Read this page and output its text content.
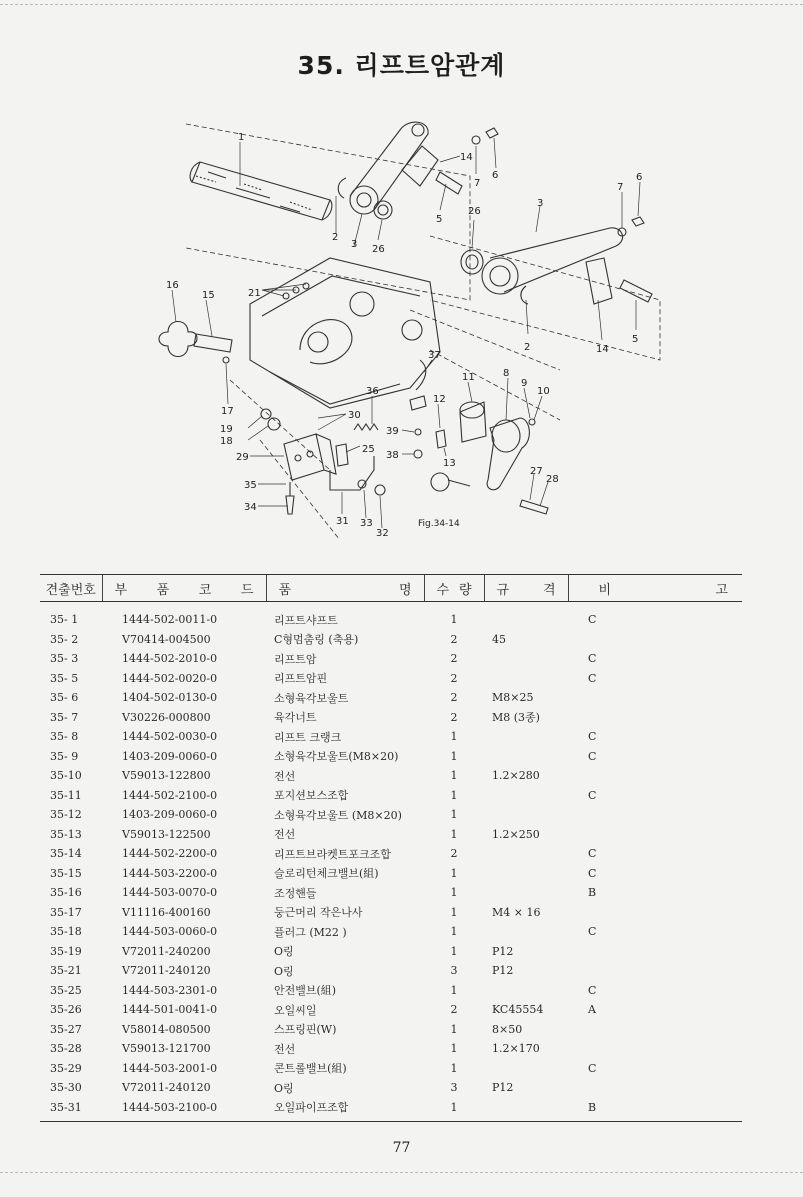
35. 리프트암관계
1
2
3 26
14
7
6
5
26
3
7
6
16
15	21
2	14
5
37
11	8
9
10
36
12
30
39
17
19
18
29
25
38
13
27
28
35
34
31 33
32
Fig.34-14
견출번호	부 품 코 드	품 명	수 량	규 격	비 고

35- 1	1444-502-0011-0	리프트샤프트	1		C
35- 2	V70414-004500	C형멈춤링 (축용)	2	45	
35- 3	1444-502-2010-0	리프트암	2		C
35- 5	1444-502-0020-0	리프트암핀	2		C
35- 6	1404-502-0130-0	소형육각보울트	2	M8×25	
35- 7	V30226-000800	육각너트	2	M8 (3종)	
35- 8	1444-502-0030-0	리프트 크랭크	1		C
35- 9	1403-209-0060-0	소형육각보울트(M8×20)	1		C
35-10	V59013-122800	전선	1	1.2×280	
35-11	1444-502-2100-0	포지션보스조합	1		C
35-12	1403-209-0060-0	소형육각보울트 (M8×20)	1		
35-13	V59013-122500	전선	1	1.2×250	
35-14	1444-502-2200-0	리프트브라켓트포크조합	2		C
35-15	1444-503-2200-0	슬로리턴체크밸브(組)	1		C
35-16	1444-503-0070-0	조정핸들	1		B
35-17	V11116-400160	둥근머리 작은나사	1	M4 × 16	
35-18	1444-503-0060-0	플러그 (M22 )	1		C
35-19	V72011-240200	O링	1	P12	
35-21	V72011-240120	O링	3	P12	
35-25	1444-503-2301-0	안전밸브(組)	1		C
35-26	1444-501-0041-0	오일씨일	2	KC45554	A
35-27	V58014-080500	스프링핀(W)	1	8×50	
35-28	V59013-121700	전선	1	1.2×170	
35-29	1444-503-2001-0	콘트롤밸브(組)	1		C
35-30	V72011-240120	O링	3	P12	
35-31	1444-503-2100-0	오일파이프조합	1		B
77
